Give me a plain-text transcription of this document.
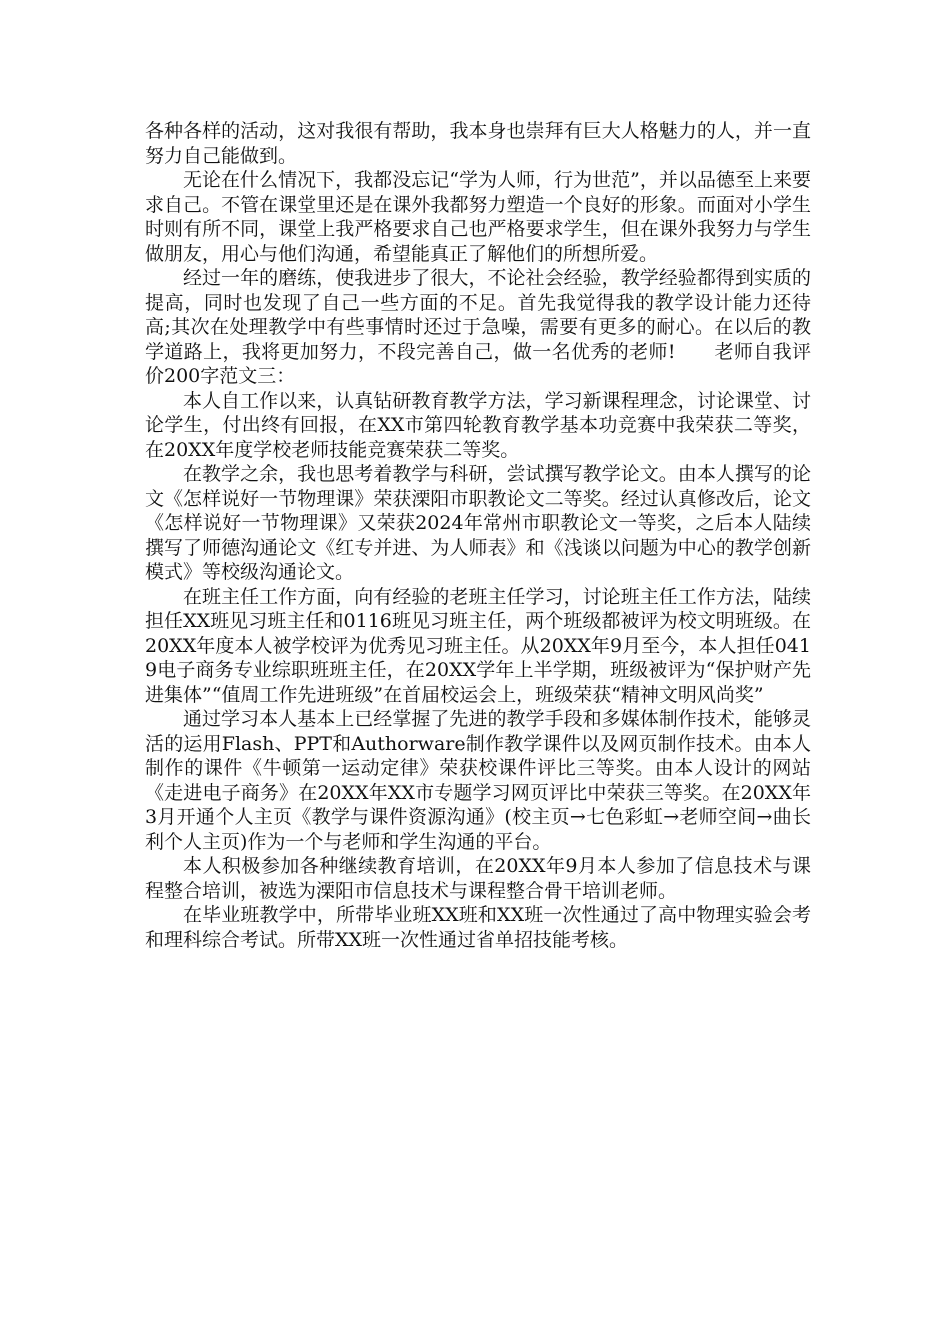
各种各样的活动，这对我很有帮助，我本身也崇拜有巨大人格魅力的人，并一直努力自己能做到。

无论在什么情况下，我都没忘记“学为人师，行为世范”，并以品德至上来要求自己。不管在课堂里还是在课外我都努力塑造一个良好的形象。而面对小学生时则有所不同，课堂上我严格要求自己也严格要求学生，但在课外我努力与学生做朋友，用心与他们沟通，希望能真正了解他们的所想所爱。

经过一年的磨练，使我进步了很大，不论社会经验，教学经验都得到实质的提高，同时也发现了自己一些方面的不足。首先我觉得我的教学设计能力还待高;其次在处理教学中有些事情时还过于急噪，需要有更多的耐心。在以后的教学道路上，我将更加努力，不段完善自己，做一名优秀的老师!　　老师自我评价200字范文三：

本人自工作以来，认真钻研教育教学方法，学习新课程理念，讨论课堂、讨论学生，付出终有回报，在XX市第四轮教育教学基本功竞赛中我荣获二等奖，在20XX年度学校老师技能竞赛荣获二等奖。

在教学之余，我也思考着教学与科研，尝试撰写教学论文。由本人撰写的论文《怎样说好一节物理课》荣获溧阳市职教论文二等奖。经过认真修改后，论文《怎样说好一节物理课》又荣获2024年常州市职教论文一等奖，之后本人陆续撰写了师德沟通论文《红专并进、为人师表》和《浅谈以问题为中心的教学创新模式》等校级沟通论文。

在班主任工作方面，向有经验的老班主任学习，讨论班主任工作方法，陆续担任XX班见习班主任和0116班见习班主任，两个班级都被评为校文明班级。在20XX年度本人被学校评为优秀见习班主任。从20XX年9月至今，本人担任0419电子商务专业综职班班主任，在20XX学年上半学期，班级被评为“保护财产先进集体”“值周工作先进班级”在首届校运会上，班级荣获“精神文明风尚奖”

通过学习本人基本上已经掌握了先进的教学手段和多媒体制作技术，能够灵活的运用Flash、PPT和Authorware制作教学课件以及网页制作技术。由本人制作的课件《牛顿第一运动定律》荣获校课件评比三等奖。由本人设计的网站《走进电子商务》在20XX年XX市专题学习网页评比中荣获三等奖。在20XX年3月开通个人主页《教学与课件资源沟通》(校主页→七色彩虹→老师空间→曲长利个人主页)作为一个与老师和学生沟通的平台。

本人积极参加各种继续教育培训，在20XX年9月本人参加了信息技术与课程整合培训，被选为溧阳市信息技术与课程整合骨干培训老师。

在毕业班教学中，所带毕业班XX班和XX班一次性通过了高中物理实验会考和理科综合考试。所带XX班一次性通过省单招技能考核。
